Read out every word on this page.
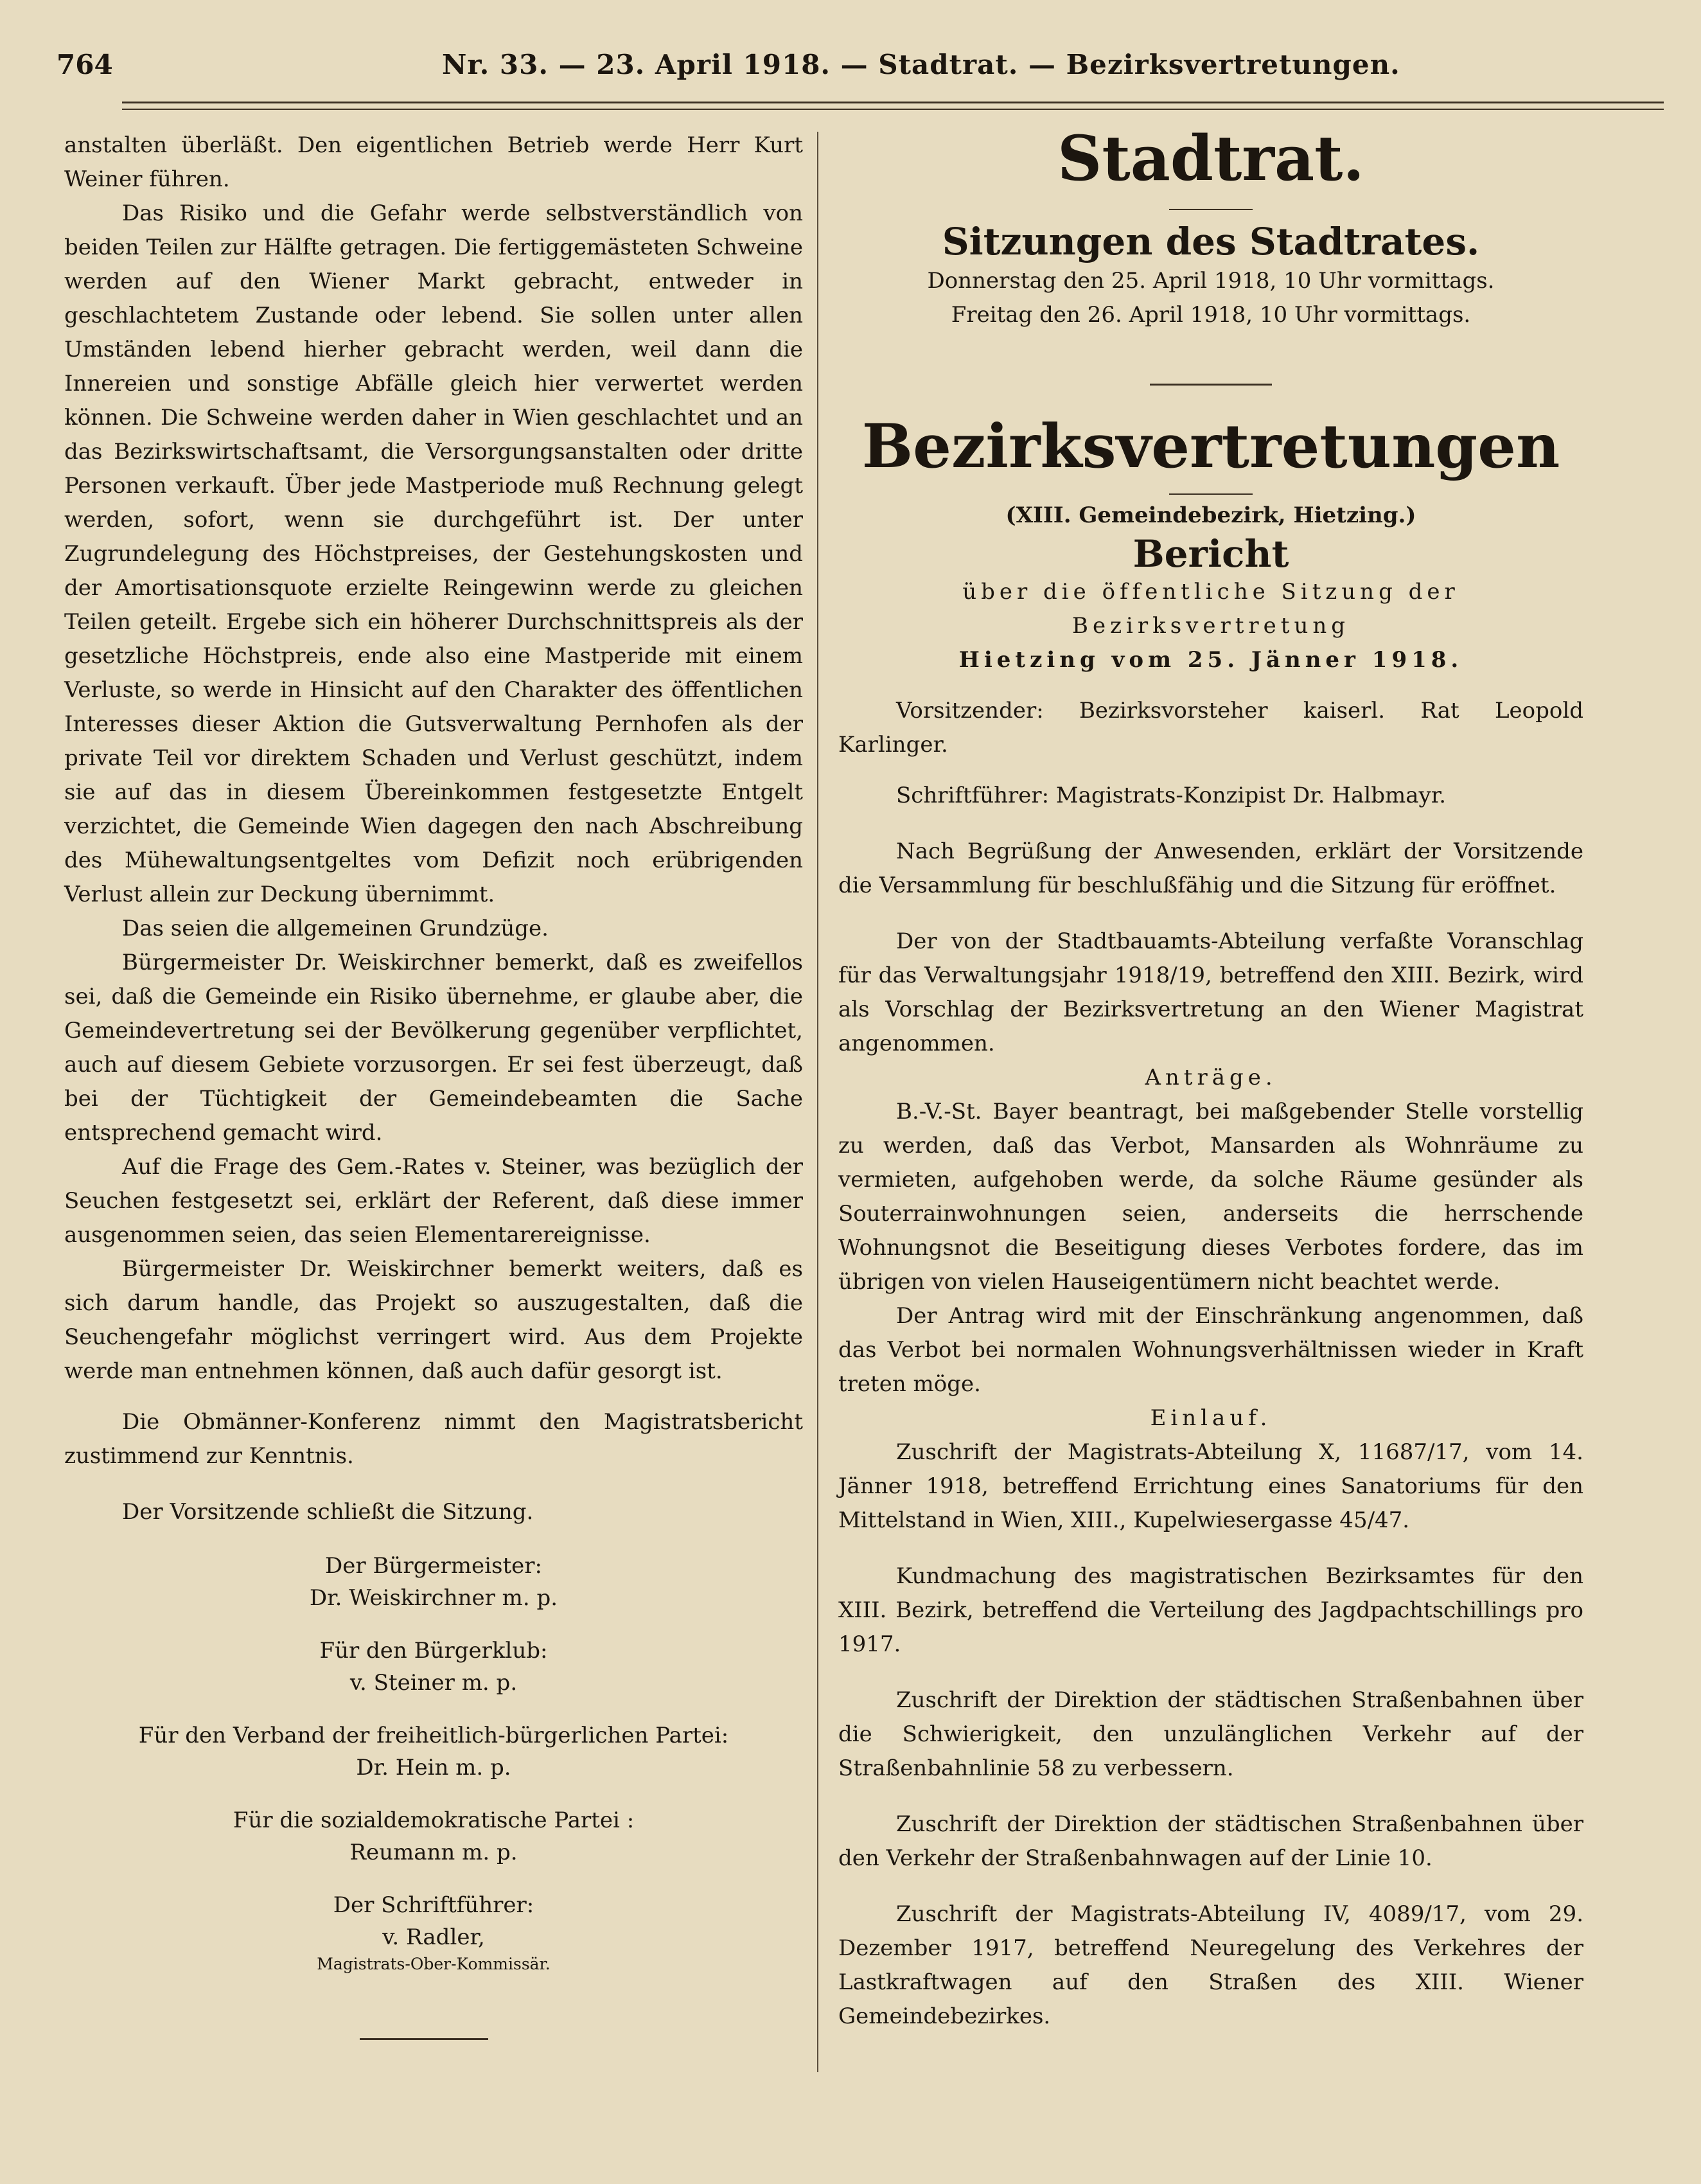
764	Nr. 33. — 23. April 1918. — Stadtrat. — Bezirksvertretungen.

anstalten überläßt. Den eigentlichen Betrieb werde Herr Kurt Weiner führen.

Das Risiko und die Gefahr werde selbstverständlich von beiden Teilen zur Hälfte getragen. Die fertiggemästeten Schweine werden auf den Wiener Markt gebracht, entweder in geschlachtetem Zustande oder lebend. Sie sollen unter allen Umständen lebend hierher gebracht werden, weil dann die Innereien und sonstige Abfälle gleich hier verwertet werden können. Die Schweine werden daher in Wien geschlachtet und an das Bezirkswirtschaftsamt, die Versorgungsanstalten oder dritte Personen verkauft. Über jede Mastperiode muß Rechnung gelegt werden, sofort, wenn sie durchgeführt ist. Der unter Zugrundelegung des Höchstpreises, der Gestehungskosten und der Amortisationsquote erzielte Reingewinn werde zu gleichen Teilen geteilt. Ergebe sich ein höherer Durchschnittspreis als der gesetzliche Höchstpreis, ende also eine Mastperide mit einem Verluste, so werde in Hinsicht auf den Charakter des öffentlichen Interesses dieser Aktion die Gutsverwaltung Pernhofen als der private Teil vor direktem Schaden und Verlust geschützt, indem sie auf das in diesem Übereinkommen festgesetzte Entgelt verzichtet, die Gemeinde Wien dagegen den nach Abschreibung des Mühewaltungsentgeltes vom Defizit noch erübrigenden Verlust allein zur Deckung übernimmt.

Das seien die allgemeinen Grundzüge.

Bürgermeister Dr. Weiskirchner bemerkt, daß es zweifellos sei, daß die Gemeinde ein Risiko übernehme, er glaube aber, die Gemeindevertretung sei der Bevölkerung gegenüber verpflichtet, auch auf diesem Gebiete vorzusorgen. Er sei fest überzeugt, daß bei der Tüchtigkeit der Gemeindebeamten die Sache entsprechend gemacht wird.

Auf die Frage des Gem.-Rates v. Steiner, was bezüglich der Seuchen festgesetzt sei, erklärt der Referent, daß diese immer ausgenommen seien, das seien Elementarereignisse.

Bürgermeister Dr. Weiskirchner bemerkt weiters, daß es sich darum handle, das Projekt so auszugestalten, daß die Seuchengefahr möglichst verringert wird. Aus dem Projekte werde man entnehmen können, daß auch dafür gesorgt ist.

Die Obmänner-Konferenz nimmt den Magistratsbericht zustimmend zur Kenntnis.

Der Vorsitzende schließt die Sitzung.

Der Bürgermeister:
Dr. Weiskirchner m. p.
Für den Bürgerklub:
v. Steiner m. p.
Für den Verband der freiheitlich-bürgerlichen Partei:
Dr. Hein m. p.
Für die sozialdemokratische Partei :
Reumann m. p.
Der Schriftführer:
v. Radler,
Magistrats-Ober-Kommissär.
Stadtrat.
Sitzungen des Stadtrates.

Donnerstag den 25. April 1918, 10 Uhr vormittags.

Freitag den 26. April 1918, 10 Uhr vormittags.

Bezirksvertretungen

(XIII. Gemeindebezirk, Hietzing.)

Bericht

über die öffentliche Sitzung der Bezirksvertretung

Hietzing vom 25. Jänner 1918.

Vorsitzender: Bezirksvorsteher kaiserl. Rat Leopold Karlinger.

Schriftführer: Magistrats-Konzipist Dr. Halbmayr.

Nach Begrüßung der Anwesenden, erklärt der Vorsitzende die Versammlung für beschlußfähig und die Sitzung für eröffnet.

Der von der Stadtbauamts-Abteilung verfaßte Voranschlag für das Verwaltungsjahr 1918/19, betreffend den XIII. Bezirk, wird als Vorschlag der Bezirksvertretung an den Wiener Magistrat angenommen.

Anträge.

B.-V.-St. Bayer beantragt, bei maßgebender Stelle vorstellig zu werden, daß das Verbot, Mansarden als Wohnräume zu vermieten, aufgehoben werde, da solche Räume gesünder als Souterrainwohnungen seien, anderseits die herrschende Wohnungsnot die Beseitigung dieses Verbotes fordere, das im übrigen von vielen Hauseigentümern nicht beachtet werde.

Der Antrag wird mit der Einschränkung angenommen, daß das Verbot bei normalen Wohnungsverhältnissen wieder in Kraft treten möge.

Einlauf.

Zuschrift der Magistrats-Abteilung X, 11687/17, vom 14. Jänner 1918, betreffend Errichtung eines Sanatoriums für den Mittelstand in Wien, XIII., Kupelwiesergasse 45/47.

Kundmachung des magistratischen Bezirksamtes für den XIII. Bezirk, betreffend die Verteilung des Jagdpachtschillings pro 1917.

Zuschrift der Direktion der städtischen Straßenbahnen über die Schwierigkeit, den unzulänglichen Verkehr auf der Straßenbahnlinie 58 zu verbessern.

Zuschrift der Direktion der städtischen Straßenbahnen über den Verkehr der Straßenbahnwagen auf der Linie 10.

Zuschrift der Magistrats-Abteilung IV, 4089/17, vom 29. Dezember 1917, betreffend Neuregelung des Verkehres der Lastkraftwagen auf den Straßen des XIII. Wiener Gemeindebezirkes.
